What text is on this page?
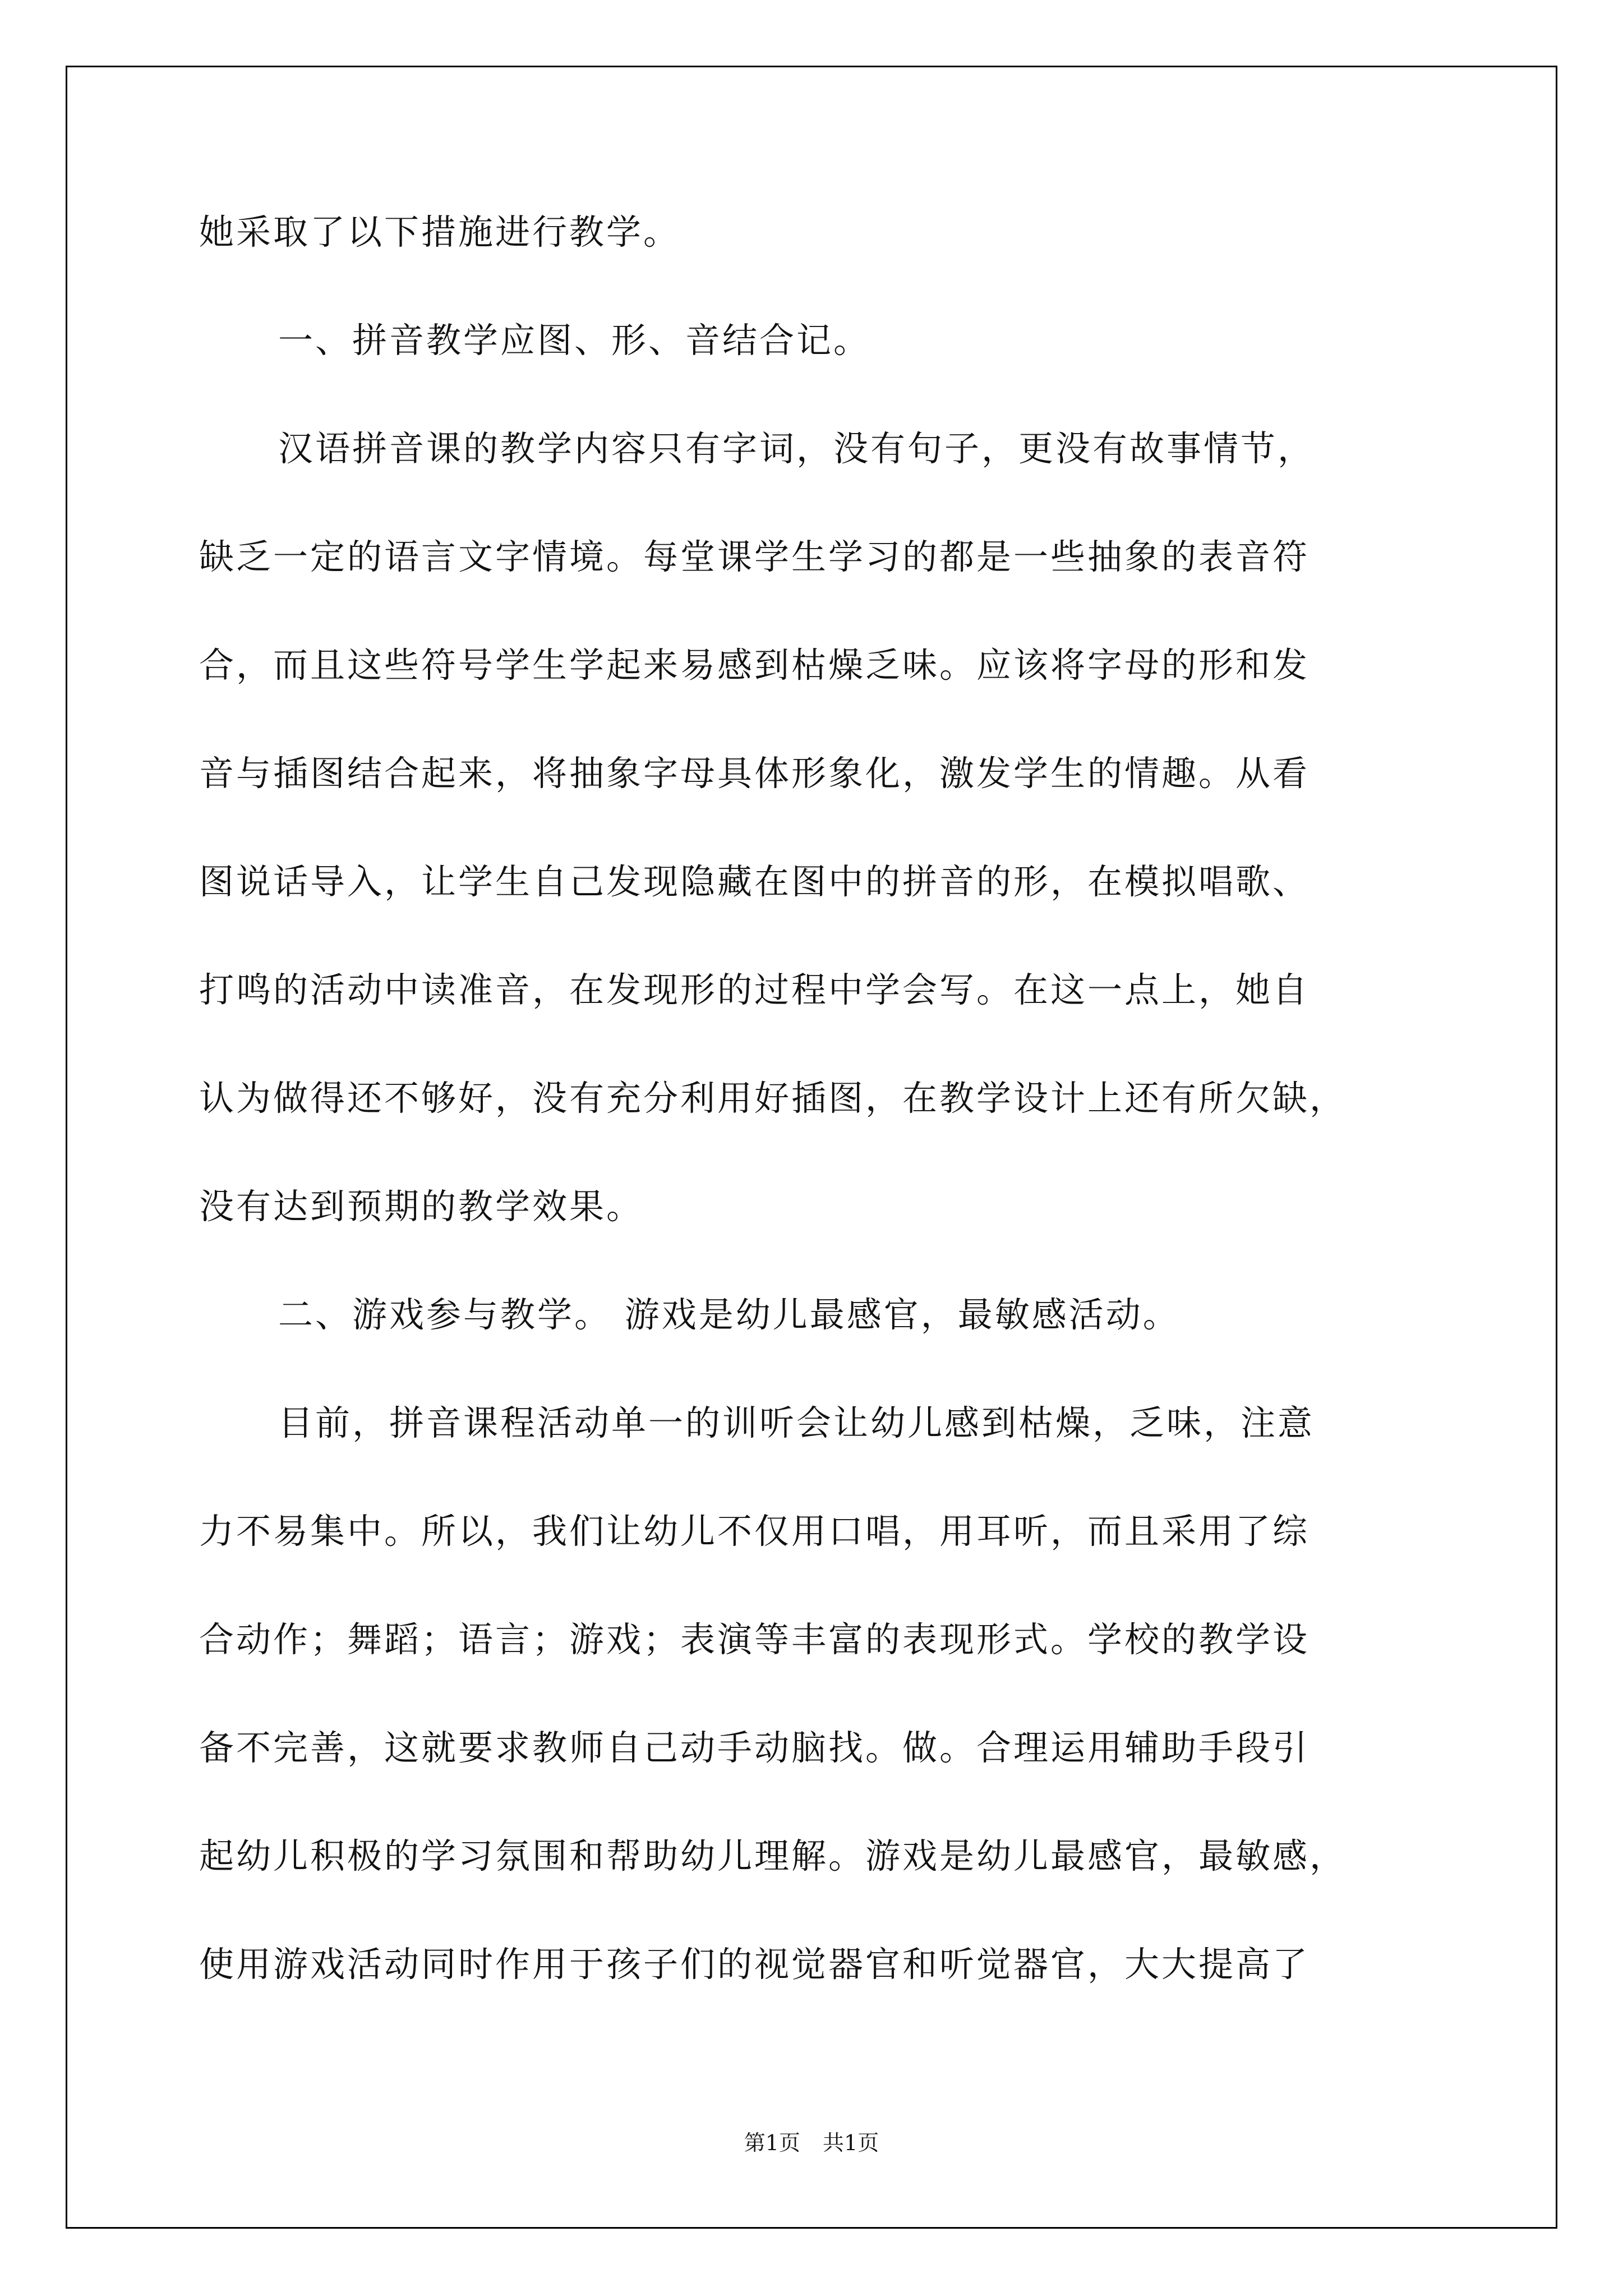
她采取了以下措施进行教学。
一、拼音教学应图、形、音结合记。
汉语拼音课的教学内容只有字词，没有句子，更没有故事情节，
缺乏一定的语言文字情境。每堂课学生学习的都是一些抽象的表音符
合，而且这些符号学生学起来易感到枯燥乏味。应该将字母的形和发
音与插图结合起来，将抽象字母具体形象化，激发学生的情趣。从看
图说话导入，让学生自己发现隐藏在图中的拼音的形，在模拟唱歌、
打鸣的活动中读准音，在发现形的过程中学会写。在这一点上，她自
认为做得还不够好，没有充分利用好插图，在教学设计上还有所欠缺，
没有达到预期的教学效果。
二、游戏参与教学。 游戏是幼儿最感官，最敏感活动。
目前，拼音课程活动单一的训听会让幼儿感到枯燥，乏味，注意
力不易集中。所以，我们让幼儿不仅用口唱，用耳听，而且采用了综
合动作；舞蹈；语言；游戏；表演等丰富的表现形式。学校的教学设
备不完善，这就要求教师自己动手动脑找。做。合理运用辅助手段引
起幼儿积极的学习氛围和帮助幼儿理解。游戏是幼儿最感官，最敏感，
使用游戏活动同时作用于孩子们的视觉器官和听觉器官，大大提高了
第1页 共1页
